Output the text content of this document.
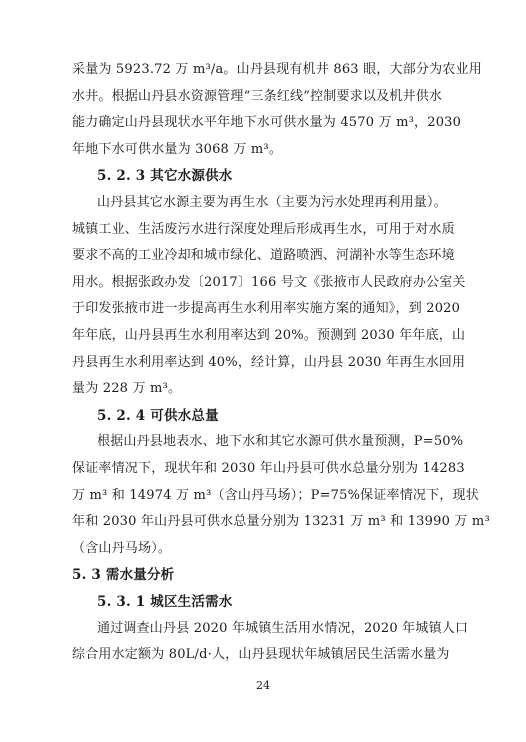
采量为 5923.72 万 m³/a。山丹县现有机井 863 眼，大部分为农业用
水井。根据山丹县水资源管理“三条红线”控制要求以及机井供水
能力确定山丹县现状水平年地下水可供水量为 4570 万 m³，2030
年地下水可供水量为 3068 万 m³。
5. 2. 3 其它水源供水
山丹县其它水源主要为再生水（主要为污水处理再利用量）。
城镇工业、生活废污水进行深度处理后形成再生水，可用于对水质
要求不高的工业冷却和城市绿化、道路喷洒、河湖补水等生态环境
用水。根据张政办发〔2017〕166 号文《张掖市人民政府办公室关
于印发张掖市进一步提高再生水利用率实施方案的通知》，到 2020
年年底，山丹县再生水利用率达到 20%。预测到 2030 年年底，山
丹县再生水利用率达到 40%，经计算，山丹县 2030 年再生水回用
量为 228 万 m³。
5. 2. 4 可供水总量
根据山丹县地表水、地下水和其它水源可供水量预测，P=50%
保证率情况下，现状年和 2030 年山丹县可供水总量分别为 14283
万 m³ 和 14974 万 m³（含山丹马场）；P=75%保证率情况下，现状
年和 2030 年山丹县可供水总量分别为 13231 万 m³ 和 13990 万 m³
（含山丹马场）。
5. 3 需水量分析
5. 3. 1 城区生活需水
通过调查山丹县 2020 年城镇生活用水情况，2020 年城镇人口
综合用水定额为 80L/d·人，山丹县现状年城镇居民生活需水量为
24
